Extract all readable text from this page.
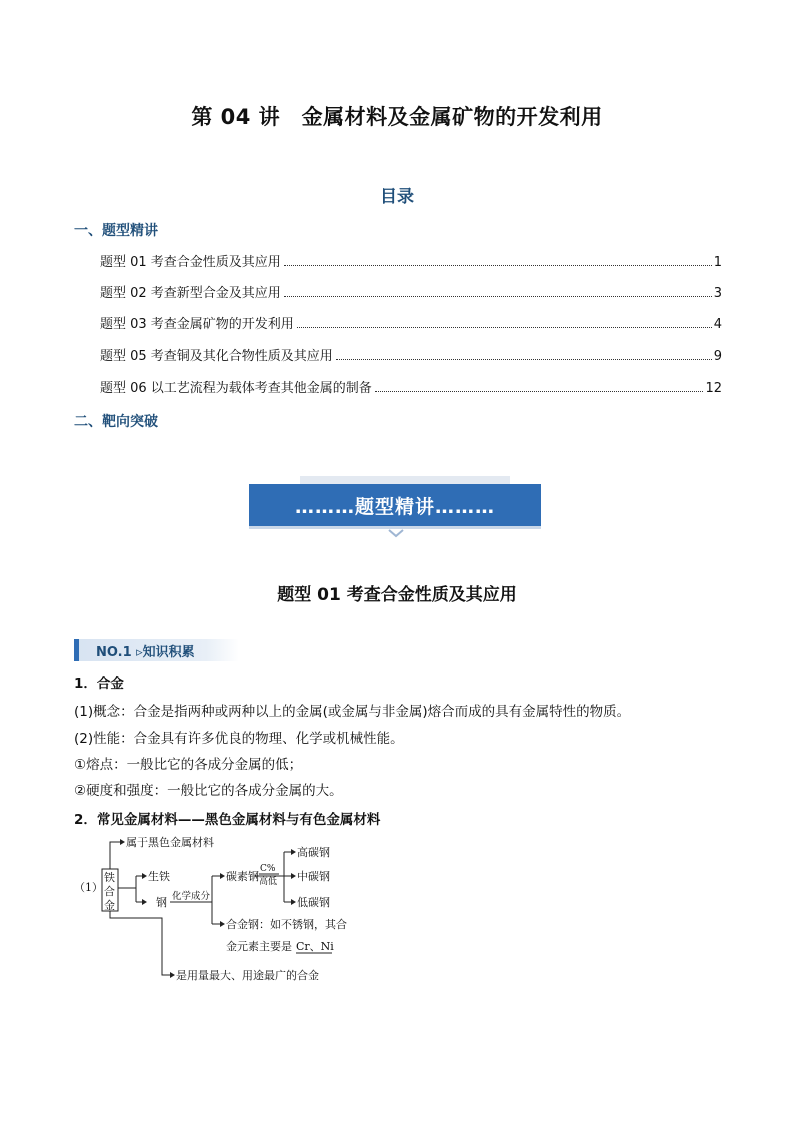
第 04 讲　金属材料及金属矿物的开发利用
目录
一、题型精讲
题型 01 考查合金性质及其应用	1
题型 02 考查新型合金及其应用	3
题型 03 考查金属矿物的开发利用	4
题型 05 考查铜及其化合物性质及其应用	9
题型 06 以工艺流程为载体考查其他金属的制备	12
二、靶向突破
………题型精讲………
题型 01 考查合金性质及其应用
NO.1 ▹知识积累
1．合金
(1)概念：合金是指两种或两种以上的金属(或金属与非金属)熔合而成的具有金属特性的物质。
(2)性能：合金具有许多优良的物理、化学或机械性能。
①熔点：一般比它的各成分金属的低；
②硬度和强度：一般比它的各成分金属的大。
2．常见金属材料——黑色金属材料与有色金属材料
（1）
铁
合
金
属于黑色金属材料
生铁
钢 化学成分
碳素钢
C%
高低
高碳钢
中碳钢
低碳钢
合金钢：如不锈钢，其合
金元素主要是 Cr、Ni
是用量最大、用途最广的合金
